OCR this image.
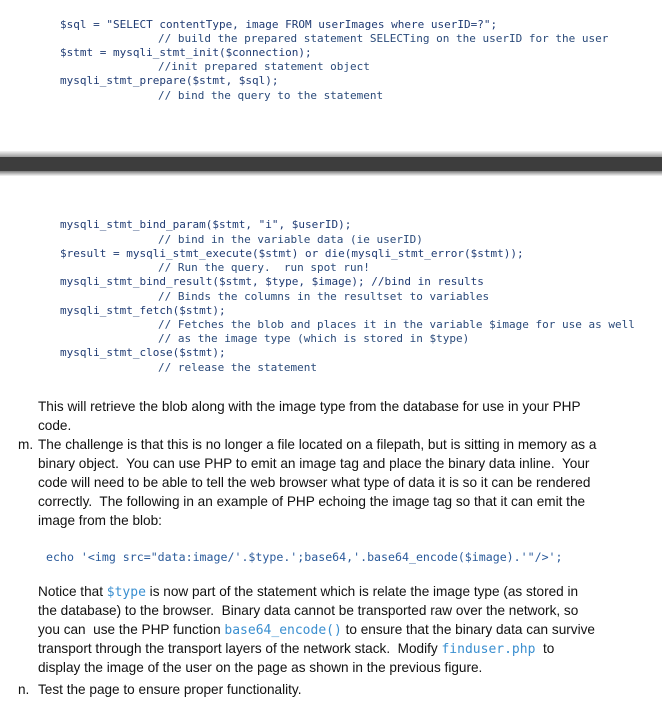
$sql = "SELECT contentType, image FROM userImages where userID=?";
// build the prepared statement SELECTing on the userID for the user
$stmt = mysqli_stmt_init($connection);
//init prepared statement object
mysqli_stmt_prepare($stmt, $sql);
// bind the query to the statement
mysqli_stmt_bind_param($stmt, "i", $userID);
// bind in the variable data (ie userID)
$result = mysqli_stmt_execute($stmt) or die(mysqli_stmt_error($stmt));
// Run the query.  run spot run!
mysqli_stmt_bind_result($stmt, $type, $image); //bind in results
// Binds the columns in the resultset to variables
mysqli_stmt_fetch($stmt);
// Fetches the blob and places it in the variable $image for use as well
// as the image type (which is stored in $type)
mysqli_stmt_close($stmt);
// release the statement
This will retrieve the blob along with the image type from the database for use in your PHP
code.
m. The challenge is that this is no longer a file located on a filepath, but is sitting in memory as a
binary object.  You can use PHP to emit an image tag and place the binary data inline.  Your
code will need to be able to tell the web browser what type of data it is so it can be rendered
correctly.  The following in an example of PHP echoing the image tag so that it can emit the
image from the blob:
echo '<img src="data:image/'.$type.';base64,'.base64_encode($image).'"/>';
Notice that $type is now part of the statement which is relate the image type (as stored in
the database) to the browser.  Binary data cannot be transported raw over the network, so
you can  use the PHP function base64_encode() to ensure that the binary data can survive
transport through the transport layers of the network stack.  Modify finduser.php  to
display the image of the user on the page as shown in the previous figure.
n. Test the page to ensure proper functionality.
